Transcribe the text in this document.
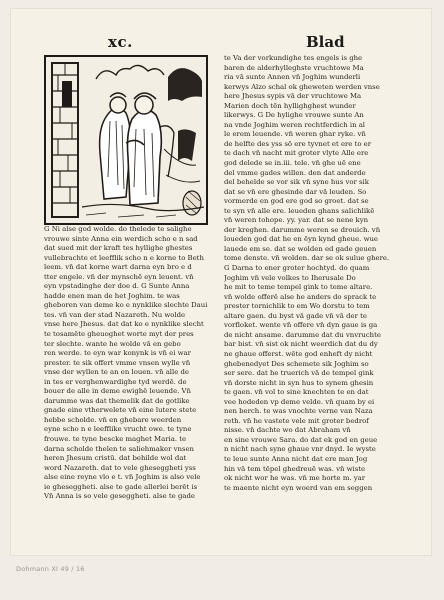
xc.	Blad
G Ni alse god wolde. do thelede te salighe
vrouwe sinte Anna ein werdich scho e n sad
dat sued mit der kraft tes hyllighe ghestes
vullebrachte et leefflik scho n e korne to Beth
leem. vn̄ dat korne wart darna eyn bro e d
tter engele. vn̄ der mynschē eyn leuent. vn̄
eyn vpstadinghe der doe d. G Sunte Anna
hadde enen man de het Joghim. te was
gheboren van deme ko e nynklike slechte Daui
tes. vn̄ van der stad Nazareth. Nu wolde
vnse here Jhesus. dat dat ko e nynklike slecht
te tosamēte gheuoghet worte myt der pres
ter slechte. wante he wolde vā en gebo
ren werde. te eyn war konynk is vn̄ ei war
prester. te sik offert vmme vnsen wylle vn̄
vnse der wyllen te an en louen. vn̄ alle de
in tes er verghenwardighe tyd werdē. de
bouer de alle in deme ewighē leuende. Vn̄
darumme was dat themelik dat de gotlike
gnade eine vtherwelete vn̄ eine lutere stete
hebbe scholde. vn̄ en ghebare weerden
eyne scho n e leefflike vrucht owe. te tyne
frouwe. te tyne bescke maghet Maria. te
darna scholde thelen te saliehmaker vnsen
heren Jhesum cristū. dat behilde wol dat
word Nazareth. dat to vele gheseggheti yss
alse eine reyne vlo e t. vn̄ Joghim is also vele
ie gheseggheti. alse te gade allerlei berēt is
Vn̄ Anna is so vele geseggheti. alse te gade
te Va der vorkundighe tes engels is ghe
baren de alderhylleghste vruchtowe Ma
ria vā sunte Annen vn̄ Joghim wunderli
kerwys Alzo schal ok gheweten werden vnse
here Jhesus sypis vā der vruchtowe Ma
Marien doch tēn hyllighghest wunder
likerwys. G De hylighe vrouwe sunte An
na vnde Joghim weren rechtferdich in al
le erem leuende. vn̄ weren ghar ryke. vn̄
de helfte des yss sō ere tyvnet et ere to er
te dach vn̄ nacht mit groter vlyte Alle ere
god delede se in.iii. tele. vn̄ ghe uē ene
del vmme gades willen. den dat anderde
del behelde se vor sik vn̄ syne hus vor sik
dat se vn̄ ere ghesinde dar vā leuden. So
vormerde en god ere god so groet. dat se
te syn vn̄ alle ere. leueden ghans salichlikē
vn̄ weren tohope. yy. yar. dat se nene kyn
der kreghen. darumme weren se drouich. vn̄
loueden god dat he en ēyn kynd gheue. wue
lauede em se. dat se wolden ed gade geuen
tome denste. vn̄ wolden. dar se ok sulue ghere.
G Darna to ener groter hochtyd. do quam
Joghim vn̄ vele volkes to Iherusale Do
he mit to teme tempel gink to teme altare.
vn̄ wolde offerē alse he anders do sprack te
prester tornichlik to em Wo dorstu to tem
altare gaen. du byst vā gade vn̄ vā der te
vorfloket. wente vn̄ offere vn̄ dyn gaue is ga
de nicht ansame. darumme dat du vnvruchte
bar bist. vn̄ sist ok nicht weerdich dat du dy
ne ghaue offerst. wēte god enheft dy nicht
ghebenedyet Des schemete sik Joghim so
ser sere. dat he truerich vā de tempel gink
vn̄ dorste nicht in syn hus to synem ghesin
te gaen. vn̄ vol to sine knechten te en dat
vee hodeden vp deme velde. vn̄ quam by ei
nen berch. te was vnochte verne van Naza
reth. vn̄ he vastete vele mit groter bedrof
nisse. vn̄ dachte wo dat Abraham vn̄
en sine vrouwe Sara. do dat ek god en geue
n nicht nach syne ghaue vnr dnyd. Ie wyste
te leue sunte Anna nicht dat ere man Jog
hin vā tem tēpel ghedreuē was. vn̄ wiste
ok nicht wor he was. vn̄ me horte m. yar
te maente nicht eyn woerd van em seggen
Dohmann XI 49 / 16
